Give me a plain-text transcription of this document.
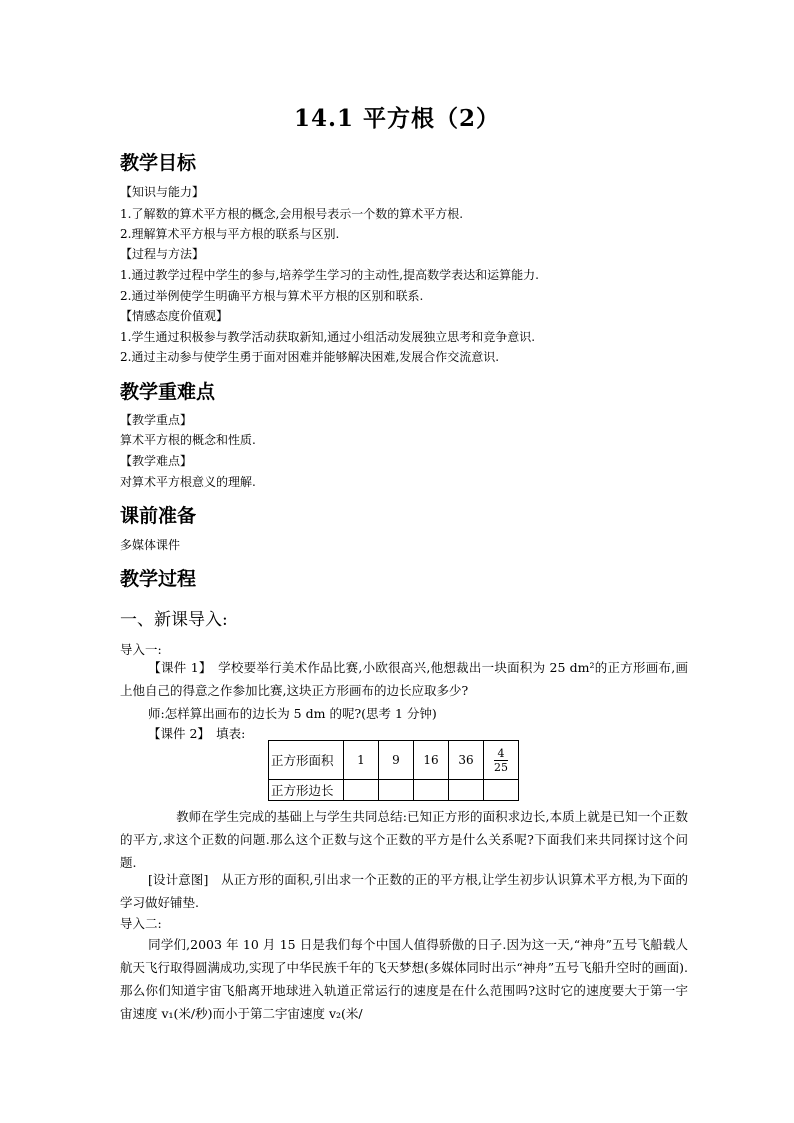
14.1 平方根（2）
教学目标
【知识与能力】
1.了解数的算术平方根的概念,会用根号表示一个数的算术平方根.
2.理解算术平方根与平方根的联系与区别.
【过程与方法】
1.通过教学过程中学生的参与,培养学生学习的主动性,提高数学表达和运算能力.
2.通过举例使学生明确平方根与算术平方根的区别和联系.
【情感态度价值观】
1.学生通过积极参与教学活动获取新知,通过小组活动发展独立思考和竞争意识.
2.通过主动参与使学生勇于面对困难并能够解决困难,发展合作交流意识.
教学重难点
【教学重点】
算术平方根的概念和性质.
【教学难点】
对算术平方根意义的理解.
课前准备
多媒体课件
教学过程
一、新课导入:
导入一:
【课件 1】　学校要举行美术作品比赛,小欧很高兴,他想裁出一块面积为 25 dm²的正方形画布,画上他自己的得意之作参加比赛,这块正方形画布的边长应取多少?
师:怎样算出画布的边长为 5 dm 的呢?(思考 1 分钟)
【课件 2】　填表:
正方形面积	1	9	16	36	$\frac{4}{25}$

正方形边长					
教师在学生完成的基础上与学生共同总结:已知正方形的面积求边长,本质上就是已知一个正数的平方,求这个正数的问题.那么这个正数与这个正数的平方是什么关系呢?下面我们来共同探讨这个问题.
[设计意图]　从正方形的面积,引出求一个正数的正的平方根,让学生初步认识算术平方根,为下面的学习做好铺垫.
导入二:
同学们,2003 年 10 月 15 日是我们每个中国人值得骄傲的日子.因为这一天,“神舟”五号飞船载人航天飞行取得圆满成功,实现了中华民族千年的飞天梦想(多媒体同时出示“神舟”五号飞船升空时的画面).那么你们知道宇宙飞船离开地球进入轨道正常运行的速度是在什么范围吗?这时它的速度要大于第一宇宙速度 v₁(米/秒)而小于第二宇宙速度 v₂(米/
